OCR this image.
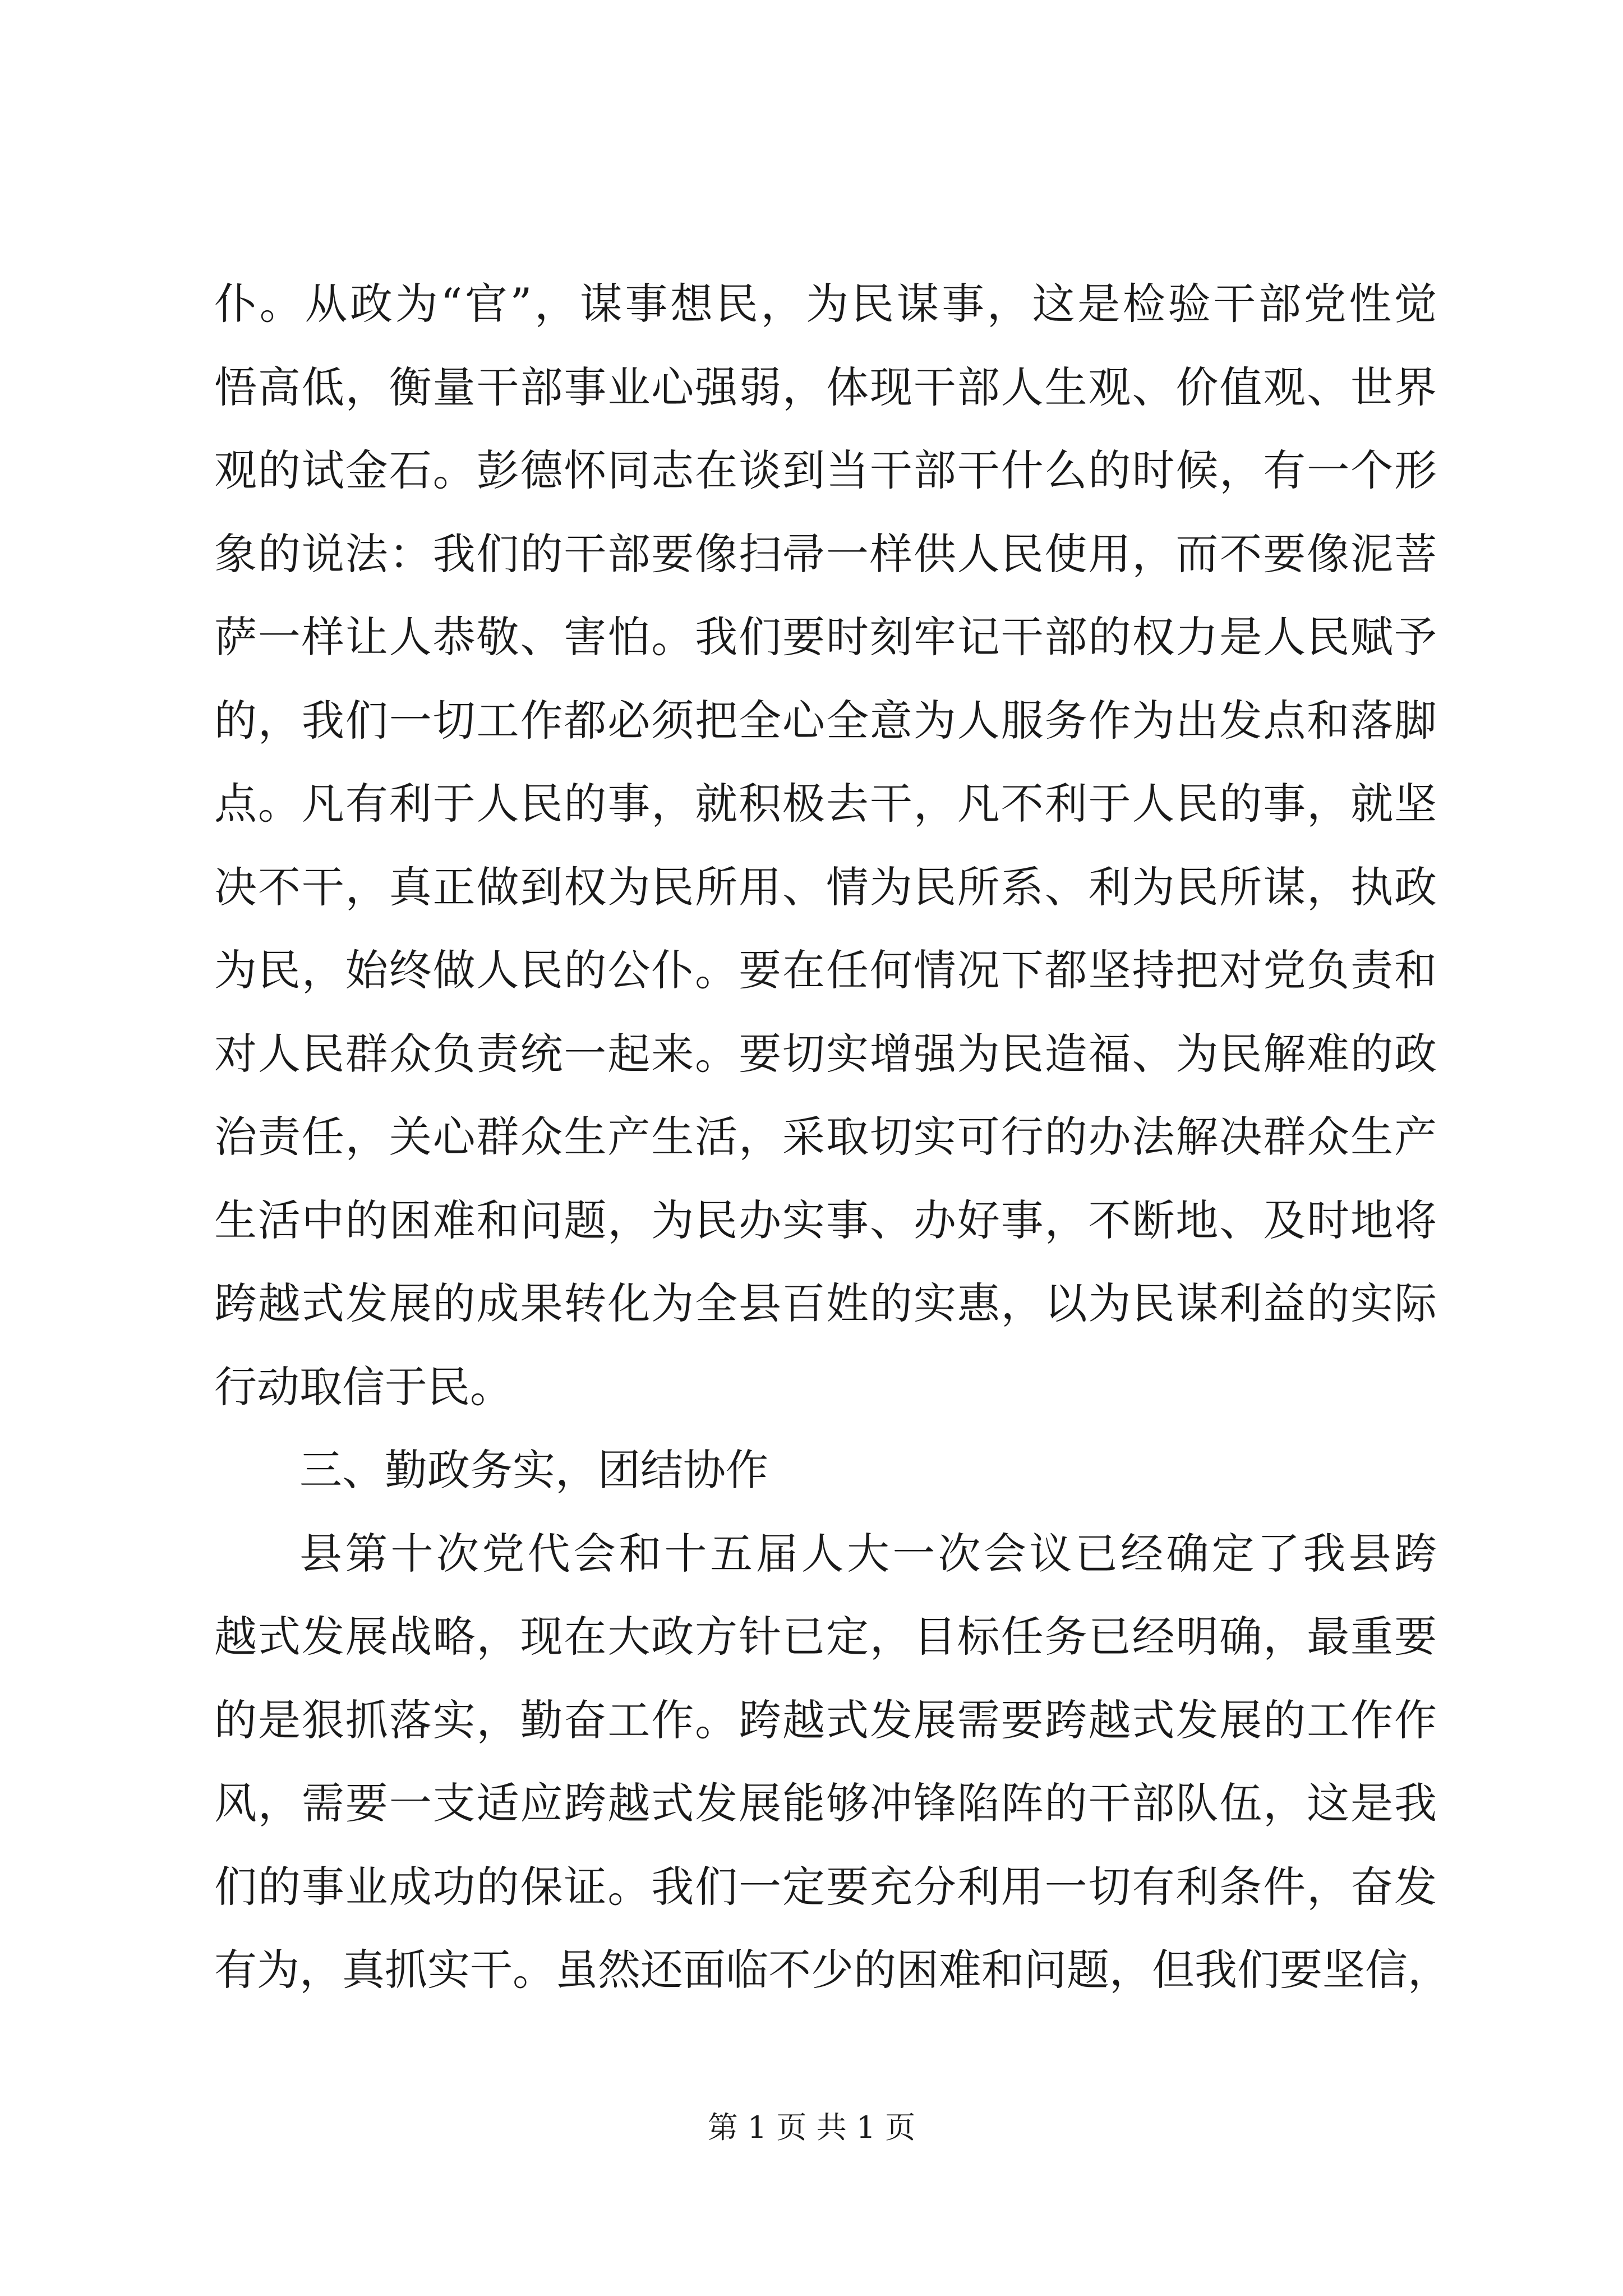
仆。从政为“官”，谋事想民，为民谋事，这是检验干部党性觉
悟高低，衡量干部事业心强弱，体现干部人生观、价值观、世界
观的试金石。彭德怀同志在谈到当干部干什么的时候，有一个形
象的说法：我们的干部要像扫帚一样供人民使用，而不要像泥菩
萨一样让人恭敬、害怕。我们要时刻牢记干部的权力是人民赋予
的，我们一切工作都必须把全心全意为人服务作为出发点和落脚
点。凡有利于人民的事，就积极去干，凡不利于人民的事，就坚
决不干，真正做到权为民所用、情为民所系、利为民所谋，执政
为民，始终做人民的公仆。要在任何情况下都坚持把对党负责和
对人民群众负责统一起来。要切实增强为民造福、为民解难的政
治责任，关心群众生产生活，采取切实可行的办法解决群众生产
生活中的困难和问题，为民办实事、办好事，不断地、及时地将
跨越式发展的成果转化为全县百姓的实惠，以为民谋利益的实际
行动取信于民。
三、勤政务实，团结协作
县第十次党代会和十五届人大一次会议已经确定了我县跨
越式发展战略，现在大政方针已定，目标任务已经明确，最重要
的是狠抓落实，勤奋工作。跨越式发展需要跨越式发展的工作作
风，需要一支适应跨越式发展能够冲锋陷阵的干部队伍，这是我
们的事业成功的保证。我们一定要充分利用一切有利条件，奋发
有为，真抓实干。虽然还面临不少的困难和问题，但我们要坚信，
第 1 页 共 1 页
